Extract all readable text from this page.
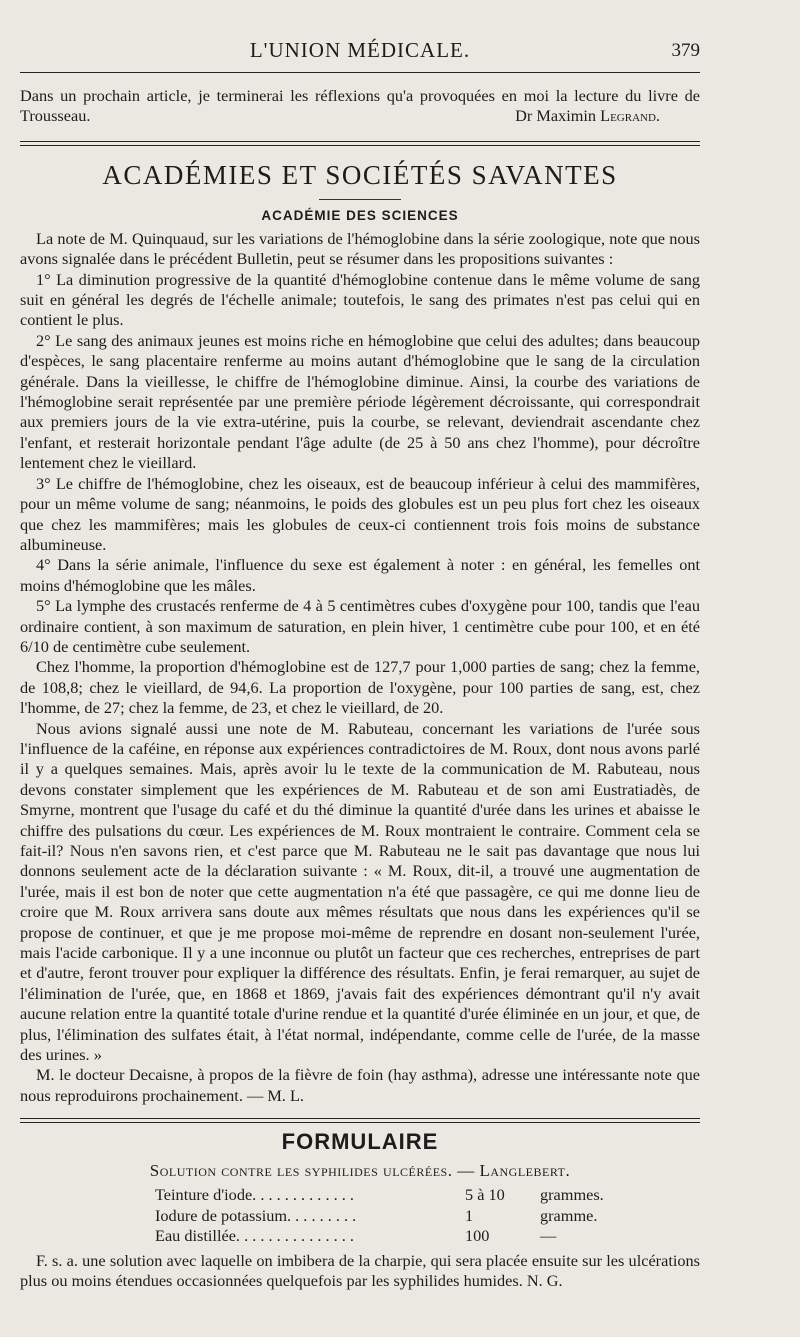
L'UNION MÉDICALE.	379

Dans un prochain article, je terminerai les réflexions qu'a provoquées en moi la lecture du livre de Trousseau.	Dr Maximin Legrand.

ACADÉMIES ET SOCIÉTÉS SAVANTES
ACADÉMIE DES SCIENCES

La note de M. Quinquaud, sur les variations de l'hémoglobine dans la série zoologique, note que nous avons signalée dans le précédent Bulletin, peut se résumer dans les propositions suivantes :

1° La diminution progressive de la quantité d'hémoglobine contenue dans le même volume de sang suit en général les degrés de l'échelle animale; toutefois, le sang des primates n'est pas celui qui en contient le plus.

2° Le sang des animaux jeunes est moins riche en hémoglobine que celui des adultes; dans beaucoup d'espèces, le sang placentaire renferme au moins autant d'hémoglobine que le sang de la circulation générale. Dans la vieillesse, le chiffre de l'hémoglobine diminue. Ainsi, la courbe des variations de l'hémoglobine serait représentée par une première période légèrement décroissante, qui correspondrait aux premiers jours de la vie extra-utérine, puis la courbe, se relevant, deviendrait ascendante chez l'enfant, et resterait horizontale pendant l'âge adulte (de 25 à 50 ans chez l'homme), pour décroître lentement chez le vieillard.

3° Le chiffre de l'hémoglobine, chez les oiseaux, est de beaucoup inférieur à celui des mammifères, pour un même volume de sang; néanmoins, le poids des globules est un peu plus fort chez les oiseaux que chez les mammifères; mais les globules de ceux-ci contiennent trois fois moins de substance albumineuse.

4° Dans la série animale, l'influence du sexe est également à noter : en général, les femelles ont moins d'hémoglobine que les mâles.

5° La lymphe des crustacés renferme de 4 à 5 centimètres cubes d'oxygène pour 100, tandis que l'eau ordinaire contient, à son maximum de saturation, en plein hiver, 1 centimètre cube pour 100, et en été 6/10 de centimètre cube seulement.

Chez l'homme, la proportion d'hémoglobine est de 127,7 pour 1,000 parties de sang; chez la femme, de 108,8; chez le vieillard, de 94,6. La proportion de l'oxygène, pour 100 parties de sang, est, chez l'homme, de 27; chez la femme, de 23, et chez le vieillard, de 20.

Nous avions signalé aussi une note de M. Rabuteau, concernant les variations de l'urée sous l'influence de la caféine, en réponse aux expériences contradictoires de M. Roux, dont nous avons parlé il y a quelques semaines. Mais, après avoir lu le texte de la communication de M. Rabuteau, nous devons constater simplement que les expériences de M. Rabuteau et de son ami Eustratiadès, de Smyrne, montrent que l'usage du café et du thé diminue la quantité d'urée dans les urines et abaisse le chiffre des pulsations du cœur. Les expériences de M. Roux montraient le contraire. Comment cela se fait-il? Nous n'en savons rien, et c'est parce que M. Rabuteau ne le sait pas davantage que nous lui donnons seulement acte de la déclaration suivante : « M. Roux, dit-il, a trouvé une augmentation de l'urée, mais il est bon de noter que cette augmentation n'a été que passagère, ce qui me donne lieu de croire que M. Roux arrivera sans doute aux mêmes résultats que nous dans les expériences qu'il se propose de continuer, et que je me propose moi-même de reprendre en dosant non-seulement l'urée, mais l'acide carbonique. Il y a une inconnue ou plutôt un facteur que ces recherches, entreprises de part et d'autre, feront trouver pour expliquer la différence des résultats. Enfin, je ferai remarquer, au sujet de l'élimination de l'urée, que, en 1868 et 1869, j'avais fait des expériences démontrant qu'il n'y avait aucune relation entre la quantité totale d'urine rendue et la quantité d'urée éliminée en un jour, et que, de plus, l'élimination des sulfates était, à l'état normal, indépendante, comme celle de l'urée, de la masse des urines. »

M. le docteur Decaisne, à propos de la fièvre de foin (hay asthma), adresse une intéressante note que nous reproduirons prochainement. — M. L.

FORMULAIRE
Solution contre les syphilides ulcérées. — Langlebert.
Teinture d'iode. . . . . . . . . . . . .	5 à 10 grammes.
Iodure de potassium. . . . . . . . .	1	gramme.
Eau distillée. . . . . . . . . . . . . . .	100	—

F. s. a. une solution avec laquelle on imbibera de la charpie, qui sera placée ensuite sur les ulcérations plus ou moins étendues occasionnées quelquefois par les syphilides humides. N. G.
